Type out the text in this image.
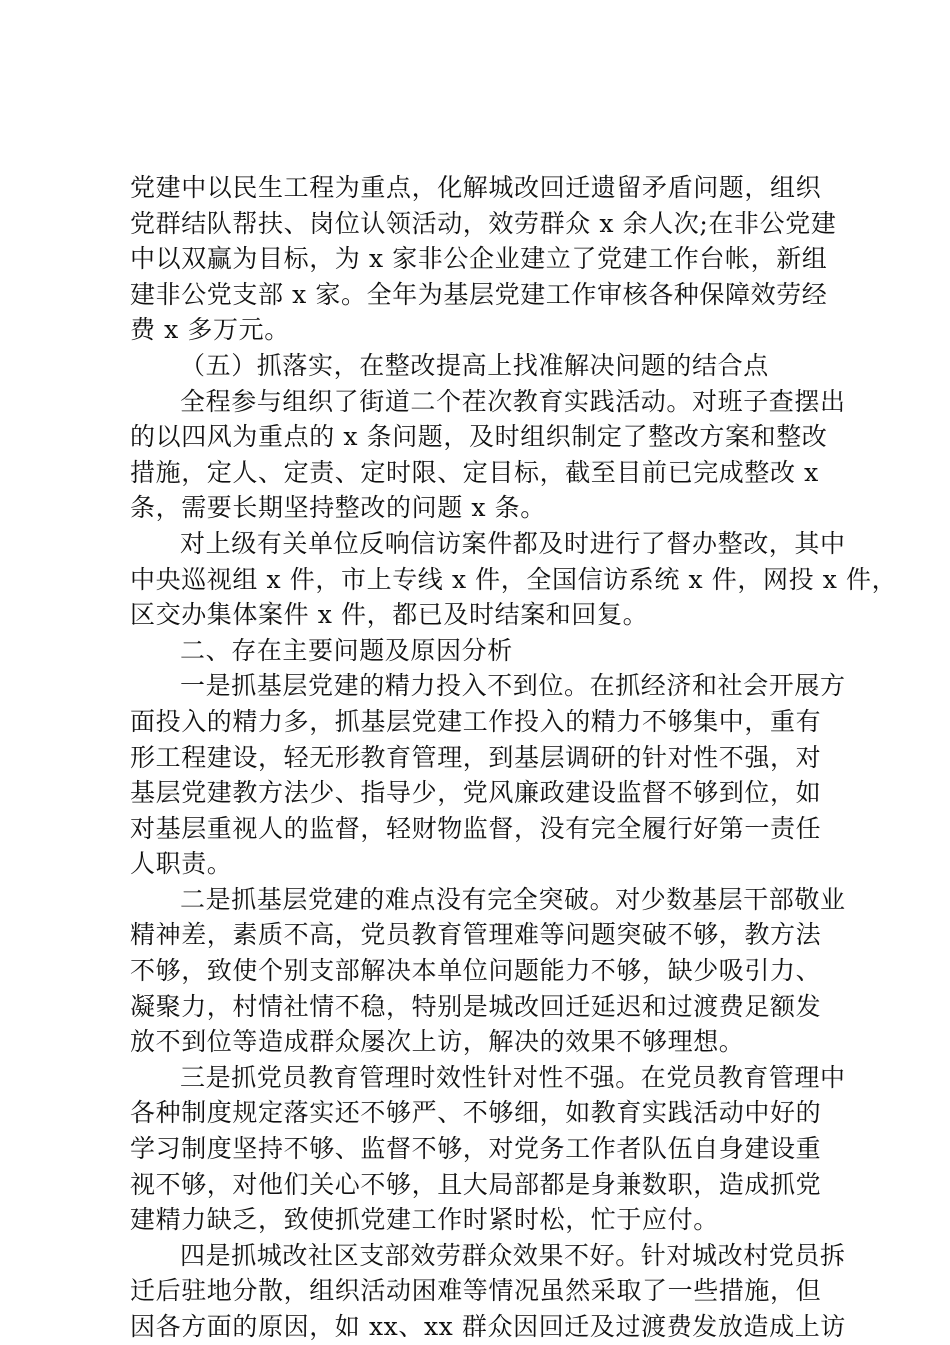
党建中以民生工程为重点，化解城改回迁遗留矛盾问题，组织
党群结队帮扶、岗位认领活动，效劳群众 x 余人次;在非公党建
中以双赢为目标，为 x 家非公企业建立了党建工作台帐，新组
建非公党支部 x 家。全年为基层党建工作审核各种保障效劳经
费 x 多万元。

（五）抓落实，在整改提高上找准解决问题的结合点

全程参与组织了街道二个茬次教育实践活动。对班子查摆出
的以四风为重点的 x 条问题，及时组织制定了整改方案和整改
措施，定人、定责、定时限、定目标，截至目前已完成整改 x
条，需要长期坚持整改的问题 x 条。

对上级有关单位反响信访案件都及时进行了督办整改，其中
中央巡视组 x 件，市上专线 x 件，全国信访系统 x 件，网投 x 件，
区交办集体案件 x 件，都已及时结案和回复。

二、存在主要问题及原因分析

一是抓基层党建的精力投入不到位。在抓经济和社会开展方
面投入的精力多，抓基层党建工作投入的精力不够集中，重有
形工程建设，轻无形教育管理，到基层调研的针对性不强，对
基层党建教方法少、指导少，党风廉政建设监督不够到位，如
对基层重视人的监督，轻财物监督，没有完全履行好第一责任
人职责。

二是抓基层党建的难点没有完全突破。对少数基层干部敬业
精神差，素质不高，党员教育管理难等问题突破不够，教方法
不够，致使个别支部解决本单位问题能力不够，缺少吸引力、
凝聚力，村情社情不稳，特别是城改回迁延迟和过渡费足额发
放不到位等造成群众屡次上访，解决的效果不够理想。

三是抓党员教育管理时效性针对性不强。在党员教育管理中
各种制度规定落实还不够严、不够细，如教育实践活动中好的
学习制度坚持不够、监督不够，对党务工作者队伍自身建设重
视不够，对他们关心不够，且大局部都是身兼数职，造成抓党
建精力缺乏，致使抓党建工作时紧时松，忙于应付。

四是抓城改社区支部效劳群众效果不好。针对城改村党员拆
迁后驻地分散，组织活动困难等情况虽然采取了一些措施，但
因各方面的原因，如 xx、xx 群众因回迁及过渡费发放造成上访
